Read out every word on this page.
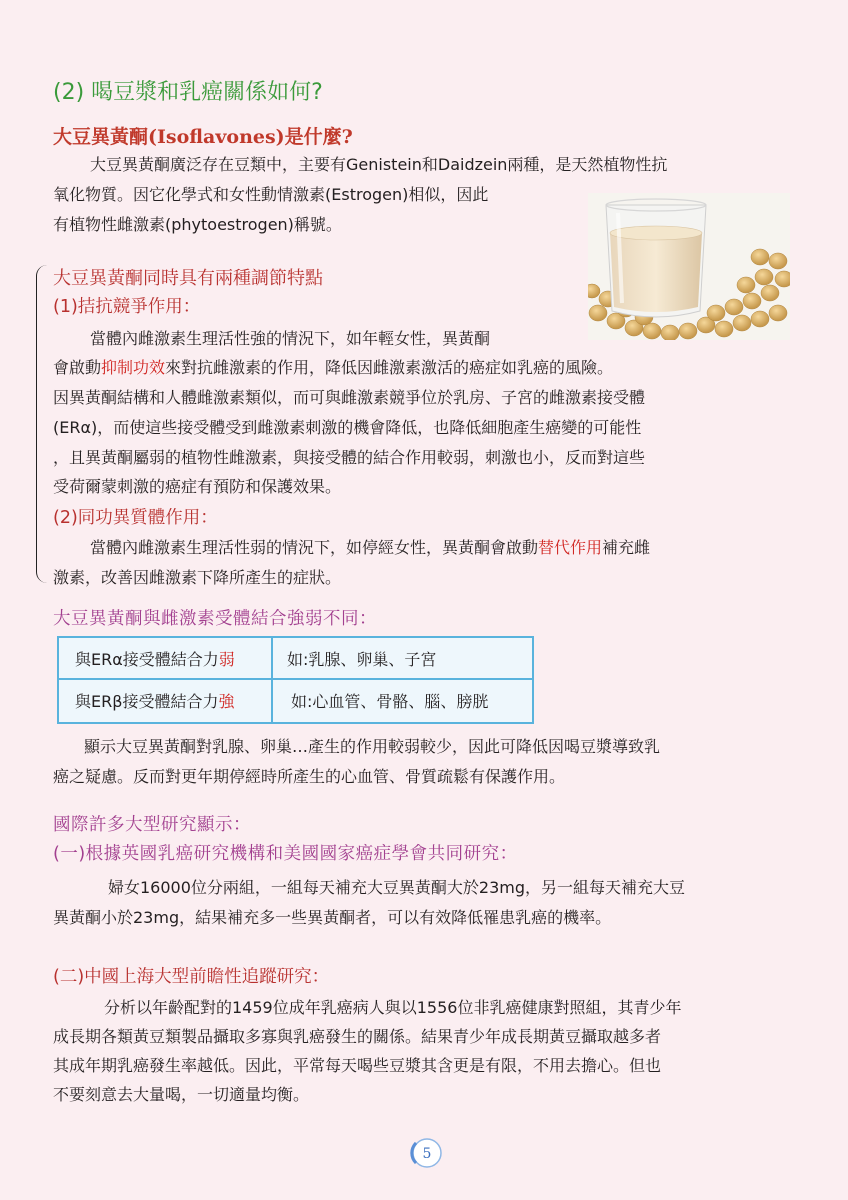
(2) 喝豆漿和乳癌關係如何?
大豆異黃酮(Isoflavones)是什麼?
大豆異黃酮廣泛存在豆類中，主要有Genistein和Daidzein兩種，是天然植物性抗
氧化物質。因它化學式和女性動情激素(Estrogen)相似，因此
有植物性雌激素(phytoestrogen)稱號。
大豆異黃酮同時具有兩種調節特點
(1)拮抗競爭作用：
當體內雌激素生理活性強的情況下，如年輕女性，異黃酮
會啟動抑制功效來對抗雌激素的作用，降低因雌激素激活的癌症如乳癌的風險。
因異黃酮結構和人體雌激素類似，而可與雌激素競爭位於乳房、子宮的雌激素接受體
(ERα)，而使這些接受體受到雌激素刺激的機會降低，也降低細胞產生癌變的可能性
，且異黃酮屬弱的植物性雌激素，與接受體的結合作用較弱，刺激也小，反而對這些
受荷爾蒙刺激的癌症有預防和保護效果。
(2)同功異質體作用：
當體內雌激素生理活性弱的情況下，如停經女性，異黃酮會啟動替代作用補充雌
激素，改善因雌激素下降所產生的症狀。
大豆異黃酮與雌激素受體結合強弱不同：
與ERα接受體結合力弱	如:乳腺、卵巢、子宮
與ERβ接受體結合力強	如:心血管、骨骼、腦、膀胱
顯示大豆異黃酮對乳腺、卵巢…產生的作用較弱較少，因此可降低因喝豆漿導致乳
癌之疑慮。反而對更年期停經時所產生的心血管、骨質疏鬆有保護作用。
國際許多大型研究顯示：
(一)根據英國乳癌研究機構和美國國家癌症學會共同研究：
婦女16000位分兩組，一組每天補充大豆異黃酮大於23mg，另一組每天補充大豆
異黃酮小於23mg，結果補充多一些異黃酮者，可以有效降低罹患乳癌的機率。
(二)中國上海大型前瞻性追蹤研究：
分析以年齡配對的1459位成年乳癌病人與以1556位非乳癌健康對照組，其青少年
成長期各類黃豆類製品攝取多寡與乳癌發生的關係。結果青少年成長期黃豆攝取越多者
其成年期乳癌發生率越低。因此，平常每天喝些豆漿其含更是有限，不用去擔心。但也
不要刻意去大量喝，一切適量均衡。
5
